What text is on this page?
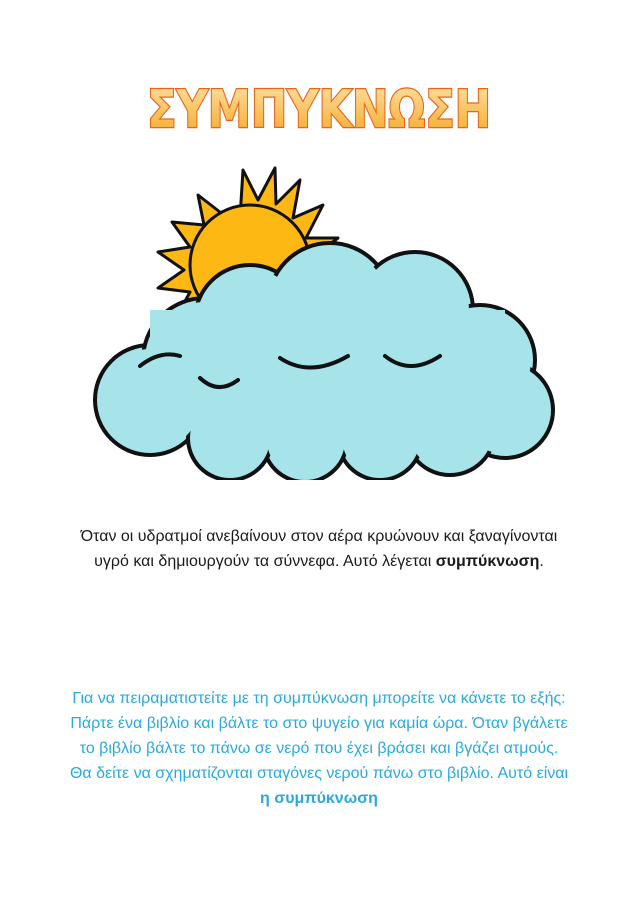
ΣΥΜΠΥΚΝΩΣΗ

Όταν οι υδρατμοί ανεβαίνουν στον αέρα κρυώνουν και ξαναγίνονται
υγρό και δημιουργούν τα σύννεφα. Αυτό λέγεται συμπύκνωση.

Για να πειραματιστείτε με τη συμπύκνωση μπορείτε να κάνετε το εξής:
Πάρτε ένα βιβλίο και βάλτε το στο ψυγείο για καμία ώρα. Όταν βγάλετε
το βιβλίο βάλτε το πάνω σε νερό που έχει βράσει και βγάζει ατμούς.
Θα δείτε να σχηματίζονται σταγόνες νερού πάνω στο βιβλίο. Αυτό είναι
η συμπύκνωση
